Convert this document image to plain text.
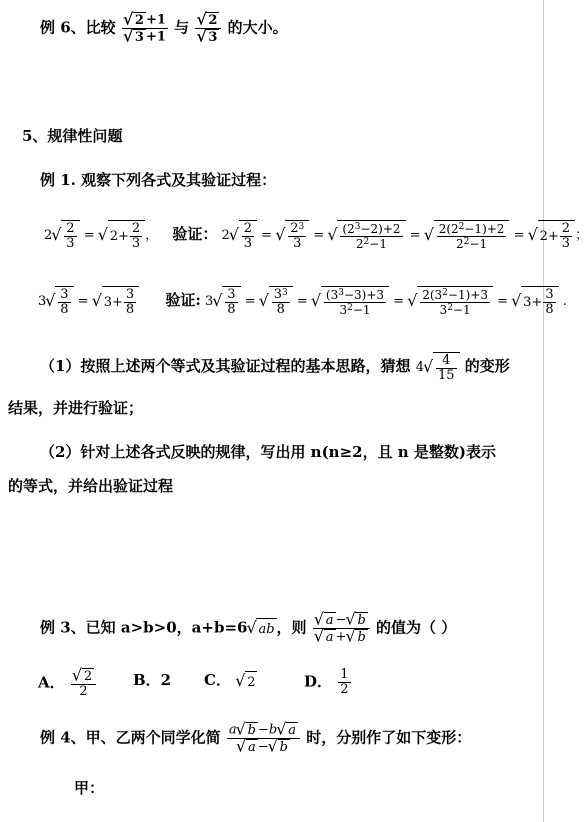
例 6、比较 √ 2 +1
√ 3 +1 与 √ 2
√ 3 的大小。
5、规律性问题
例 1. 观察下列各式及其验证过程：
2 √ $\frac{2}{3}$ = √ $2+ \frac{2}{3}$ ， 验证： 2 √ $\frac{2}{3}$ = √ $\frac{2^3}{3}$ = √ $\frac{(2^3-2)+2}{2^2-1}$ = √ $\frac{2(2^2-1)+2}{2^2-1}$ = √ $2+ \frac{2}{3}$ ；
3 √ $\frac{3}{8}$ = √ $3+ \frac{3}{8}$ 验证: 3 √ $\frac{3}{8}$ = √ $\frac{3^3}{8}$ = √ $\frac{(3^3-3)+3}{3^2-1}$ = √ $\frac{2(3^2-1)+3}{3^2-1}$ = √ $3+ \frac{3}{8}$ .
（1）按照上述两个等式及其验证过程的基本思路，猜想 4 √ $\frac{4}{15}$ 的变形
结果，并进行验证；
（2）针对上述各式反映的规律，写出用 n(n≥2，且 n 是整数)表示
的等式，并给出验证过程
例 3、已知 a>b>0，a+b=6 √ ab ，则 √ a − √ b
√ a + √ b 的值为（ ）
A． √ $\frac{2}{2}$ B．2 C． √ 2	D． $\frac{1}{2}$
例 4、甲、乙两个同学化简 a √ b −b √ a
√ a − √ b 时，分别作了如下变形：
甲：
